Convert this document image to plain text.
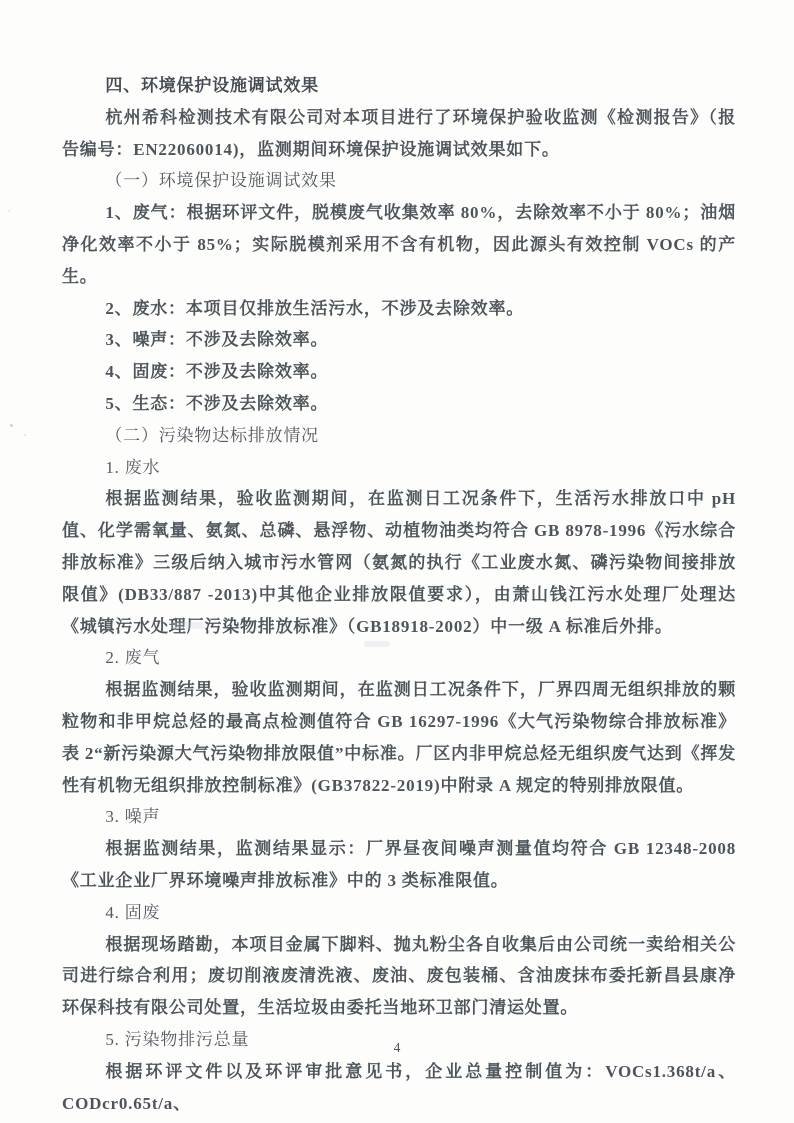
四、环境保护设施调试效果

杭州希科检测技术有限公司对本项目进行了环境保护验收监测《检测报告》（报告编号：EN22060014)，监测期间环境保护设施调试效果如下。

（一）环境保护设施调试效果

1、废气：根据环评文件，脱模废气收集效率 80%，去除效率不小于 80%；油烟净化效率不小于 85%；实际脱模剂采用不含有机物，因此源头有效控制 VOCs 的产生。

2、废水：本项目仅排放生活污水，不涉及去除效率。

3、噪声：不涉及去除效率。

4、固废：不涉及去除效率。

5、生态：不涉及去除效率。

（二）污染物达标排放情况

1. 废水

根据监测结果，验收监测期间，在监测日工况条件下，生活污水排放口中 pH 值、化学需氧量、氨氮、总磷、悬浮物、动植物油类均符合 GB 8978-1996《污水综合排放标准》三级后纳入城市污水管网（氨氮的执行《工业废水氮、磷污染物间接排放限值》(DB33/887 -2013)中其他企业排放限值要求），由萧山钱江污水处理厂处理达《城镇污水处理厂污染物排放标准》（GB18918-2002）中一级 A 标准后外排。

2. 废气

根据监测结果，验收监测期间，在监测日工况条件下，厂界四周无组织排放的颗粒物和非甲烷总烃的最高点检测值符合 GB 16297-1996《大气污染物综合排放标准》表 2“新污染源大气污染物排放限值”中标准。厂区内非甲烷总烃无组织废气达到《挥发性有机物无组织排放控制标准》(GB37822-2019)中附录 A 规定的特别排放限值。

3. 噪声

根据监测结果，监测结果显示：厂界昼夜间噪声测量值均符合 GB 12348-2008《工业企业厂界环境噪声排放标准》中的 3 类标准限值。

4. 固废

根据现场踏勘，本项目金属下脚料、抛丸粉尘各自收集后由公司统一卖给相关公司进行综合利用；废切削液废清洗液、废油、废包装桶、含油废抹布委托新昌县康净环保科技有限公司处置，生活垃圾由委托当地环卫部门清运处置。

5. 污染物排污总量

根据环评文件以及环评审批意见书，企业总量控制值为：VOCs1.368t/a、CODcr0.65t/a、

4
